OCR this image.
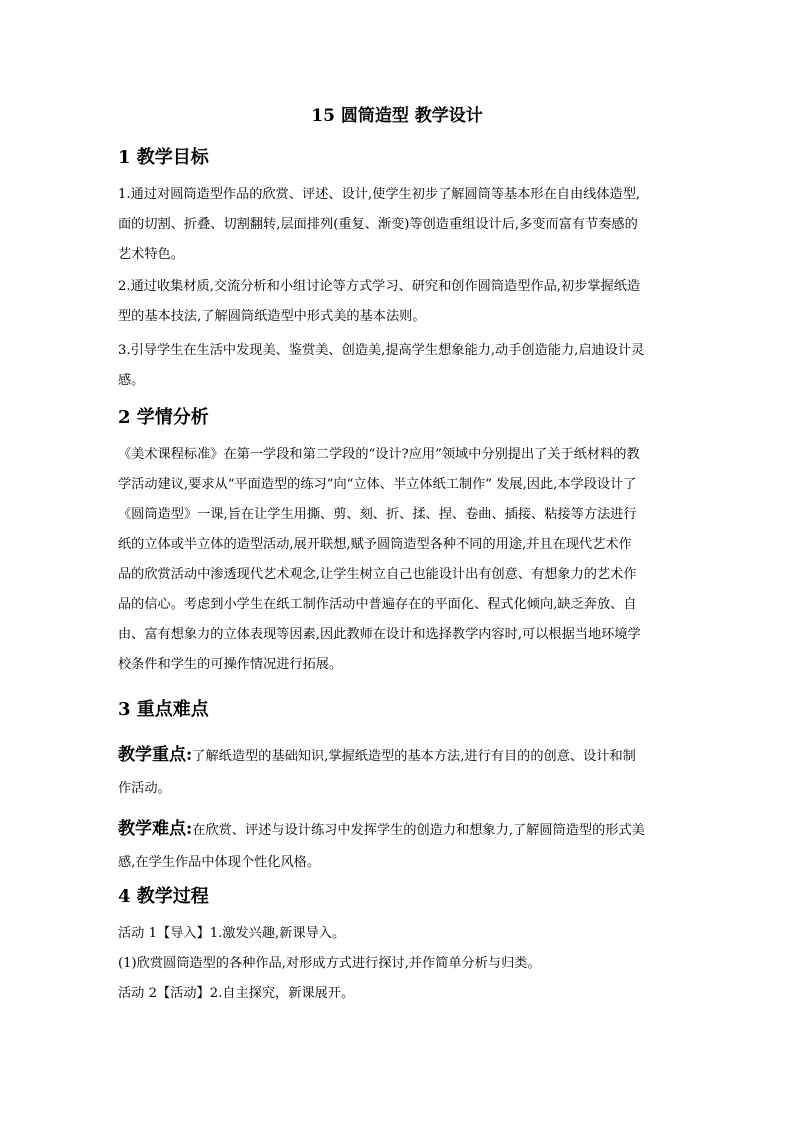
15 圆筒造型 教学设计
1 教学目标
1.通过对圆筒造型作品的欣赏、评述、设计,使学生初步了解圆筒等基本形在自由线体造型,
面的切割、折叠、切割翻转,层面排列(重复、渐变)等创造重组设计后,多变而富有节奏感的
艺术特色。
2.通过收集材质,交流分析和小组讨论等方式学习、研究和创作圆筒造型作品,初步掌握纸造
型的基本技法,了解圆筒纸造型中形式美的基本法则。
3.引导学生在生活中发现美、鉴赏美、创造美,提高学生想象能力,动手创造能力,启迪设计灵
感。
2 学情分析
《美术课程标准》在第一学段和第二学段的“设计?应用”领域中分别提出了关于纸材料的教
学活动建议,要求从“平面造型的练习”向“立体、半立体纸工制作” 发展,因此,本学段设计了
《圆筒造型》一课,旨在让学生用撕、剪、刻、折、揉、捏、卷曲、插接、粘接等方法进行
纸的立体或半立体的造型活动,展开联想,赋予圆筒造型各种不同的用途,并且在现代艺术作
品的欣赏活动中渗透现代艺术观念,让学生树立自己也能设计出有创意、有想象力的艺术作
品的信心。考虑到小学生在纸工制作活动中普遍存在的平面化、程式化倾向,缺乏奔放、自
由、富有想象力的立体表现等因素,因此教师在设计和选择教学内容时,可以根据当地环境学
校条件和学生的可操作情况进行拓展。
3 重点难点
教学重点:了解纸造型的基础知识,掌握纸造型的基本方法,进行有目的的创意、设计和制
作活动。
教学难点:在欣赏、评述与设计练习中发挥学生的创造力和想象力,了解圆筒造型的形式美
感,在学生作品中体现个性化风格。
4 教学过程
活动 1【导入】1.激发兴趣,新课导入。
(1)欣赏圆筒造型的各种作品,对形成方式进行探讨,并作简单分析与归类。
活动 2【活动】2.自主探究，新课展开。
